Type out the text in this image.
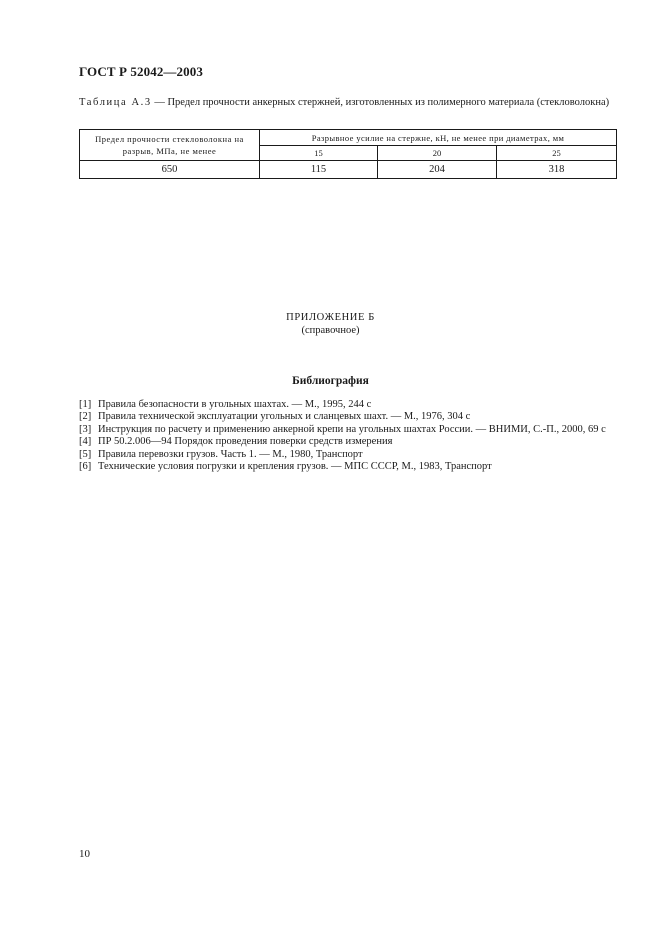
ГОСТ Р 52042—2003
Таблица А.3 — Предел прочности анкерных стержней, изготовленных из полимерного материала (стекловолокна)
Предел прочности стекловолокна на разрыв, МПа, не менее	Разрывное усилие на стержне, кН, не менее при диаметрах, мм		
	15	20	25
650	115	204	318
ПРИЛОЖЕНИЕ Б
(справочное)
Библиография
[1] Правила безопасности в угольных шахтах. — М., 1995, 244 с
[2] Правила технической эксплуатации угольных и сланцевых шахт. — М., 1976, 304 с
[3] Инструкция по расчету и применению анкерной крепи на угольных шахтах России. — ВНИМИ, С.-П., 2000, 69 с
[4] ПР 50.2.006—94 Порядок проведения поверки средств измерения
[5] Правила перевозки грузов. Часть 1. — М., 1980, Транспорт
[6] Технические условия погрузки и крепления грузов. — МПС СССР, М., 1983, Транспорт
10
